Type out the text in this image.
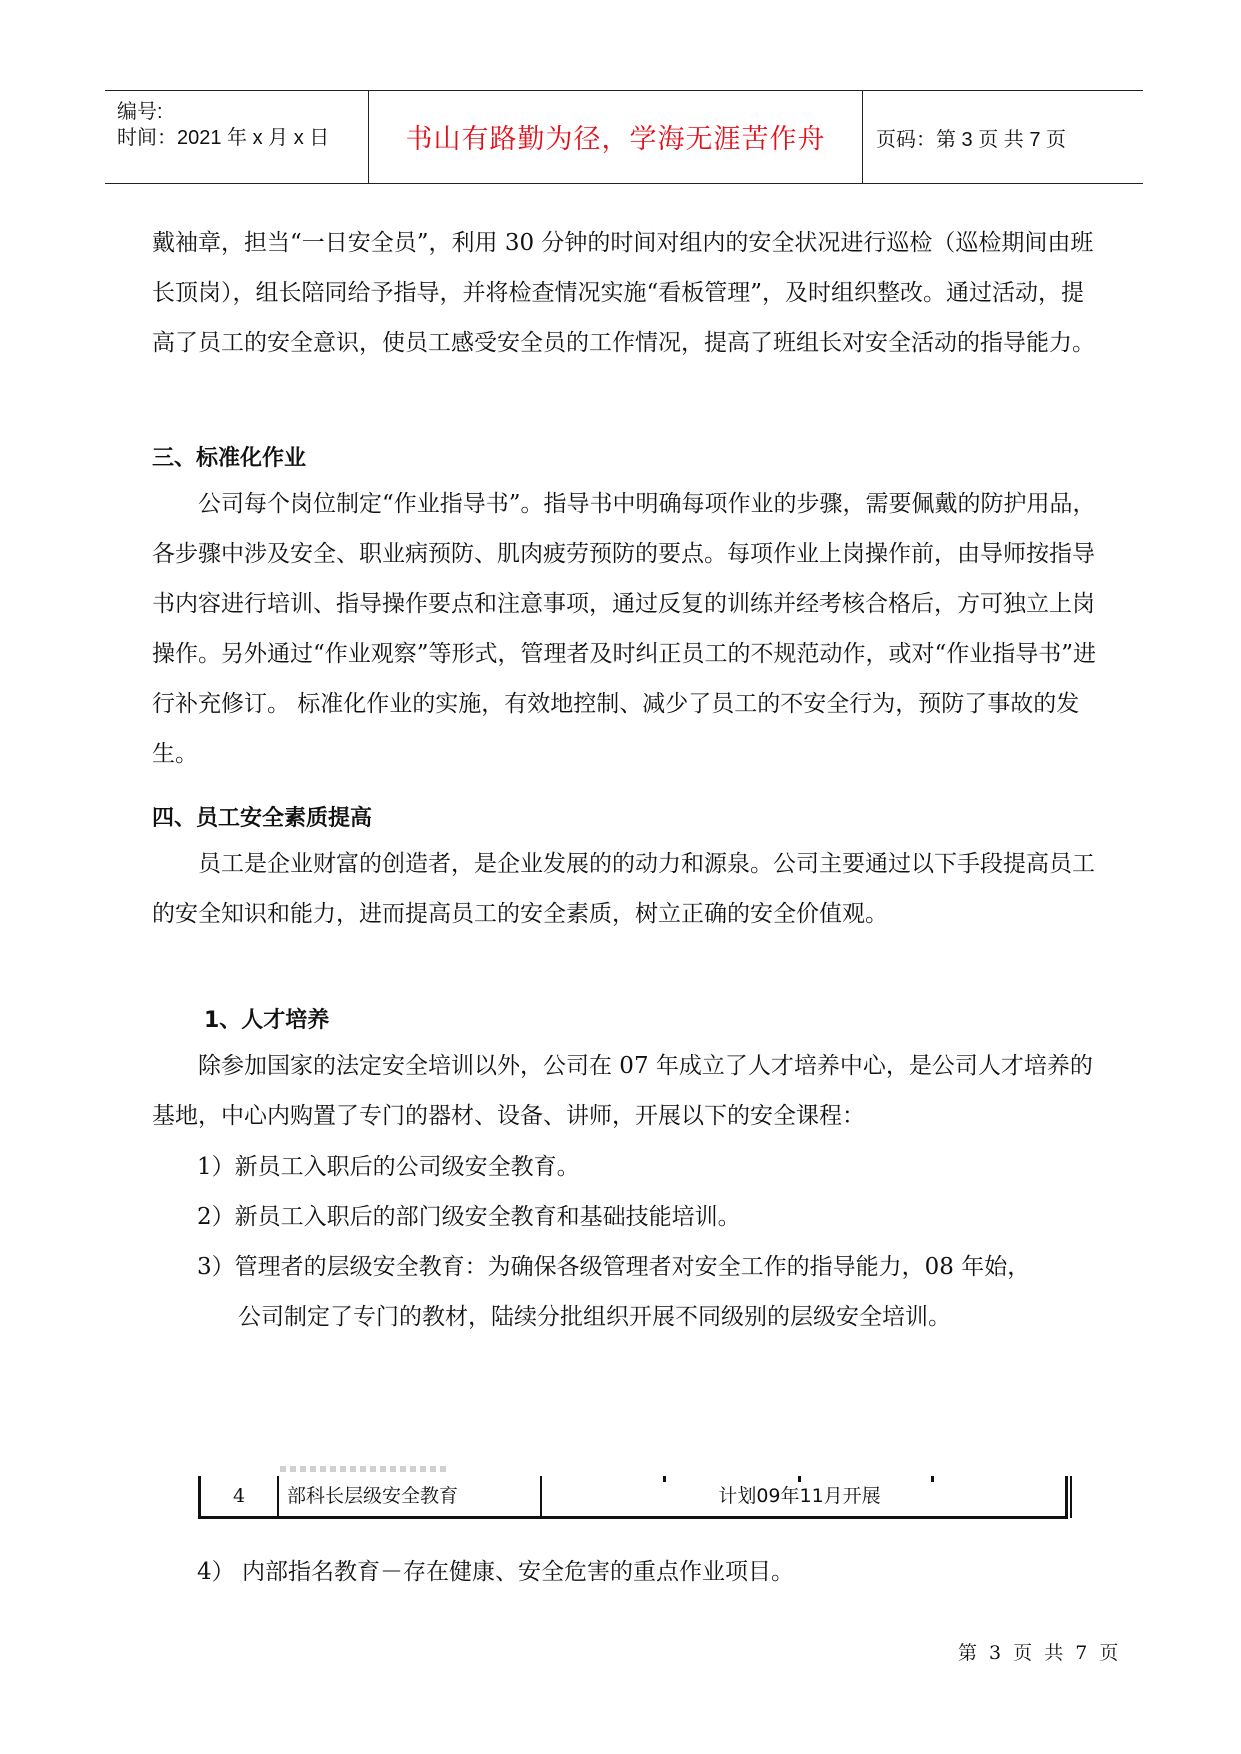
编号:
时间：2021 年 x 月 x 日	书山有路勤为径，学海无涯苦作舟	页码：第 3 页 共 7 页

戴袖章，担当“一日安全员”，利用 30 分钟的时间对组内的安全状况进行巡检（巡检期间由班长顶岗），组长陪同给予指导，并将检查情况实施“看板管理”，及时组织整改。通过活动，提高了员工的安全意识，使员工感受安全员的工作情况，提高了班组长对安全活动的指导能力。

三、标准化作业

公司每个岗位制定“作业指导书”。指导书中明确每项作业的步骤，需要佩戴的防护用品，各步骤中涉及安全、职业病预防、肌肉疲劳预防的要点。每项作业上岗操作前，由导师按指导书内容进行培训、指导操作要点和注意事项，通过反复的训练并经考核合格后，方可独立上岗操作。另外通过“作业观察”等形式，管理者及时纠正员工的不规范动作，或对“作业指导书”进行补充修订。 标准化作业的实施，有效地控制、减少了员工的不安全行为，预防了事故的发生。

四、员工安全素质提高

员工是企业财富的创造者，是企业发展的的动力和源泉。公司主要通过以下手段提高员工的安全知识和能力，进而提高员工的安全素质，树立正确的安全价值观。

1、人才培养

除参加国家的法定安全培训以外，公司在 07 年成立了人才培养中心，是公司人才培养的基地，中心内购置了专门的器材、设备、讲师，开展以下的安全课程：

1）新员工入职后的公司级安全教育。

2）新员工入职后的部门级安全教育和基础技能培训。

3）管理者的层级安全教育：为确保各级管理者对安全工作的指导能力，08 年始，

公司制定了专门的教材，陆续分批组织开展不同级别的层级安全培训。

4	部科长层级安全教育	计划09年11月开展

4） 内部指名教育－存在健康、安全危害的重点作业项目。

第 3 页 共 7 页
